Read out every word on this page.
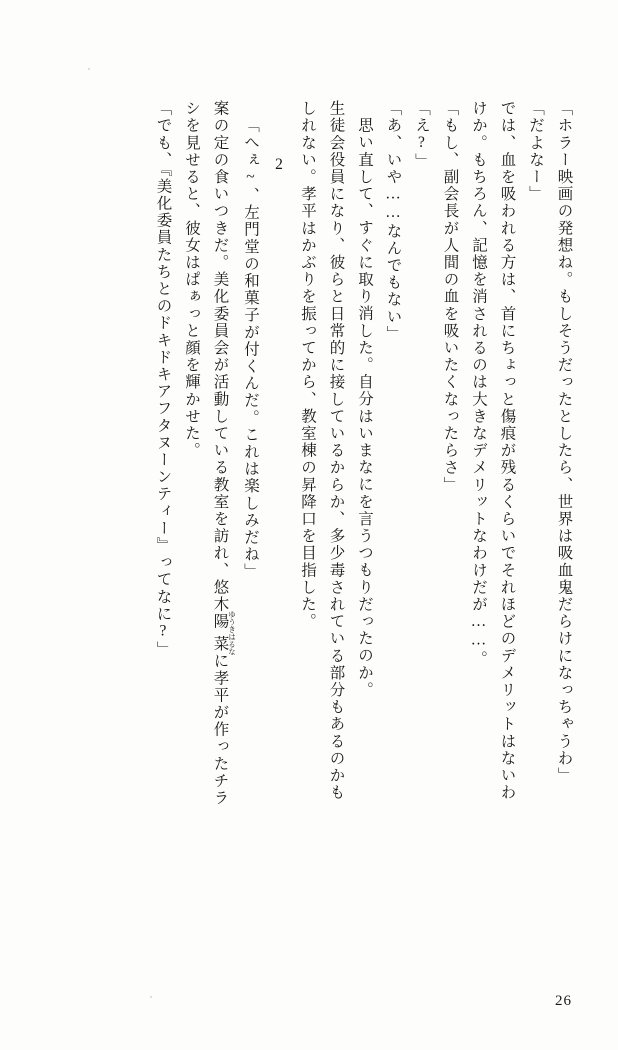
「ホラー映画の発想ね。もしそうだったとしたら、世界は吸血鬼だらけになっちゃうわ」
「だよなー」
では、血を吸われる方は、首にちょっと傷痕が残るくらいでそれほどのデメリットはないわ
けか。もちろん、記憶を消されるのは大きなデメリットなわけだが……。
「もし、副会長が人間の血を吸いたくなったらさ」
「え?」
「あ、いや……なんでもない」
思い直して、すぐに取り消した。自分はいまなにを言うつもりだったのか。
生徒会役員になり、彼らと日常的に接しているからか、多少毒されている部分もあるのかも
しれない。孝平はかぶりを振ってから、教室棟の昇降口を目指した。
2
「へぇ~、左門堂の和菓子が付くんだ。これは楽しみだね」
案の定の食いつきだ。美化委員会が活動している教室を訪れ、悠木陽菜 ゆうきはるなに孝平が作ったチラ
シを見せると、彼女はぱぁっと顔を輝かせた。
「でも、『美化委員たちとのドキドキアフタヌーンティー』ってなに?」
26
